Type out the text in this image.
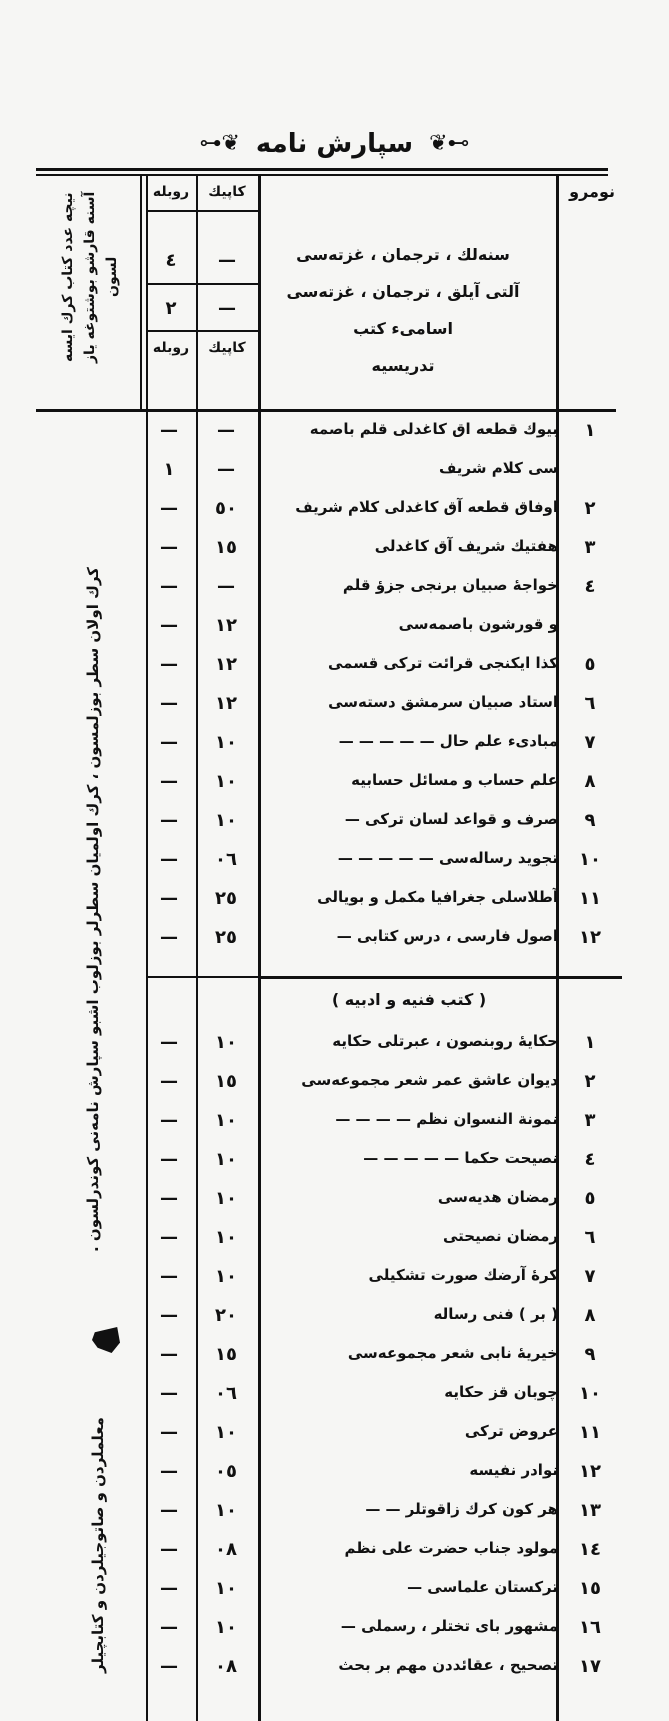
⊶❦ سپارش نامه ❦⊷
نومرو
سنه‌لك ، ترجمان ، غزته‌سی
آلتی آیلق ، ترجمان ، غزته‌سی
اسامیء کتب
تدریسیه
کاپیك
روبله
—
٤
—
٢
کاپیك
روبله
نیچه عدد کتاب کرك ایسه آسنه قارشو بوشتوغه یاز لسون
کرك اولان سطر بوزلمسون ، کرك اولمیان سطرلر بوزلوب اشبو سپارش نامه‌نی کوندرلسون .
معلملردن و صاتوجیلردن و کتابچیلر
١
بیوك قطعه اق کاغدلی قلم باصمه
—
—
سی کلام شریف
—
١
٢
اوفاق قطعه آق کاغدلی کلام شریف
٥٠
—
٣
هفتیك شریف آق کاغدلی
١٥
—
٤
خواجهٔ صبیان برنجی جزؤ قلم
—
—
و قورشون باصمه‌سی
١٢
—
٥
کذا ایکنجی قرائت ترکی قسمی
١٢
—
٦
استاد صبیان سرمشق دسته‌سی
١٢
—
٧
مبادیء علم حال — — — — —
١٠
—
٨
علم حساب و مسائل حسابیه
١٠
—
٩
صرف و قواعد لسان ترکی —
١٠
—
١٠
تجوید رساله‌سی — — — — —
٠٦
—
١١
آطلاسلی جغرافیا مکمل و بویالی
٢٥
—
١٢
اصول فارسی ، درس کتابی —
٢٥
—
( کتب فنیه و ادبیه )
١
حکایهٔ روبنصون ، عبرتلی حکایه
١٠
—
٢
دیوان عاشق عمر شعر مجموعه‌سی
١٥
—
٣
نمونة النسوان نظم — — — —
١٠
—
٤
نصیحت حکما — — — — —
١٠
—
٥
رمضان هدیه‌سی
١٠
—
٦
رمضان نصیحتی
١٠
—
٧
کرهٔ آرضك صورت تشکیلی
١٠
—
٨
( بر ) فنی رساله
٢٠
—
٩
خیریهٔ نابی شعر مجموعه‌سی
١٥
—
١٠
چوبان قز حکایه
٠٦
—
١١
عروض ترکی
١٠
—
١٢
نوادر نفیسه
٠٥
—
١٣
هر کون کرك زاقوتلر — —
١٠
—
١٤
مولود جناب حضرت علی نظم
٠٨
—
١٥
ترکستان علماسی —
١٠
—
١٦
مشهور بای تختلر ، رسملی —
١٠
—
١٧
تصحیح ، عقائددن مهم بر بحث
٠٨
—
